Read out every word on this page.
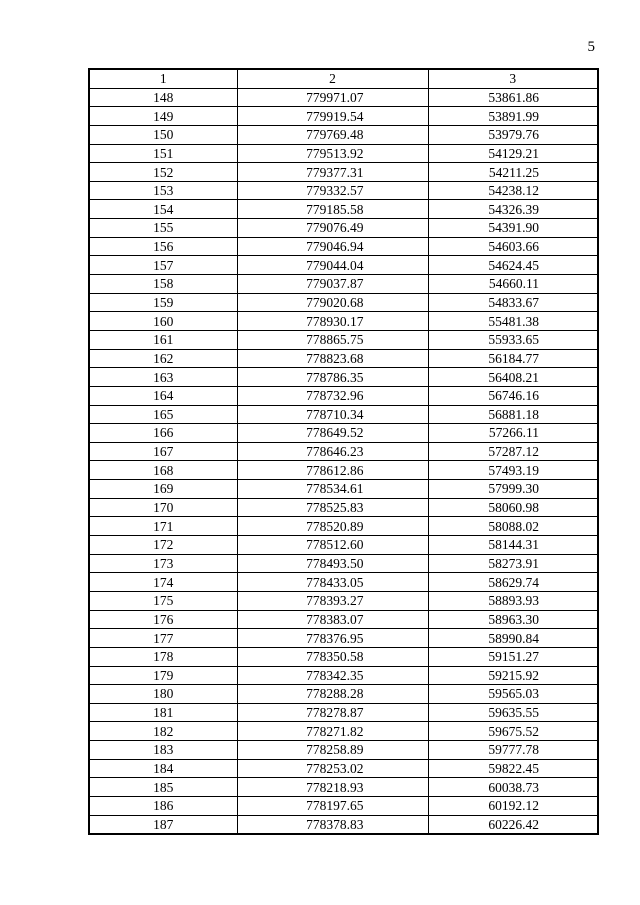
5
1	2	3
148	779971.07	53861.86
149	779919.54	53891.99
150	779769.48	53979.76
151	779513.92	54129.21
152	779377.31	54211.25
153	779332.57	54238.12
154	779185.58	54326.39
155	779076.49	54391.90
156	779046.94	54603.66
157	779044.04	54624.45
158	779037.87	54660.11
159	779020.68	54833.67
160	778930.17	55481.38
161	778865.75	55933.65
162	778823.68	56184.77
163	778786.35	56408.21
164	778732.96	56746.16
165	778710.34	56881.18
166	778649.52	57266.11
167	778646.23	57287.12
168	778612.86	57493.19
169	778534.61	57999.30
170	778525.83	58060.98
171	778520.89	58088.02
172	778512.60	58144.31
173	778493.50	58273.91
174	778433.05	58629.74
175	778393.27	58893.93
176	778383.07	58963.30
177	778376.95	58990.84
178	778350.58	59151.27
179	778342.35	59215.92
180	778288.28	59565.03
181	778278.87	59635.55
182	778271.82	59675.52
183	778258.89	59777.78
184	778253.02	59822.45
185	778218.93	60038.73
186	778197.65	60192.12
187	778378.83	60226.42
